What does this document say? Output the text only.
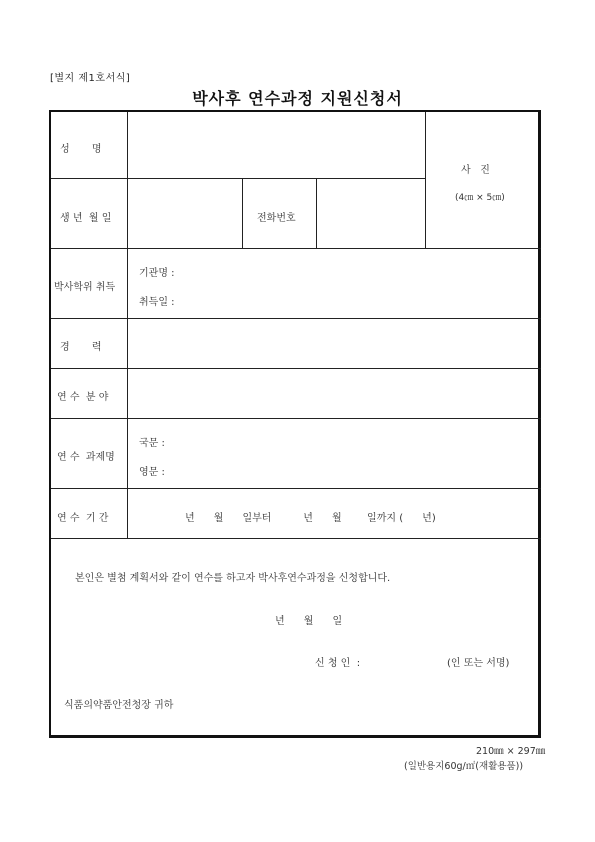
[별지 제1호서식]
박사후 연수과정 지원신청서
성       명
생 년  월 일	전화번호
사   진
(4㎝ × 5㎝)
박사학위 취득
기관명 :
취득일 :
경       력
연 수  분 야
연 수  과제명
국문 :
영문 :
연 수  기 간	년      월      일부터          년      월        일까지 (      년)
본인은 별첨 계획서와 같이 연수를 하고자 박사후연수과정을 신청합니다.
년      월      일
신 청 인  :	(인 또는 서명)
식품의약품안전청장 귀하
210㎜ × 297㎜
(일반용지60g/㎡(재활용품))
